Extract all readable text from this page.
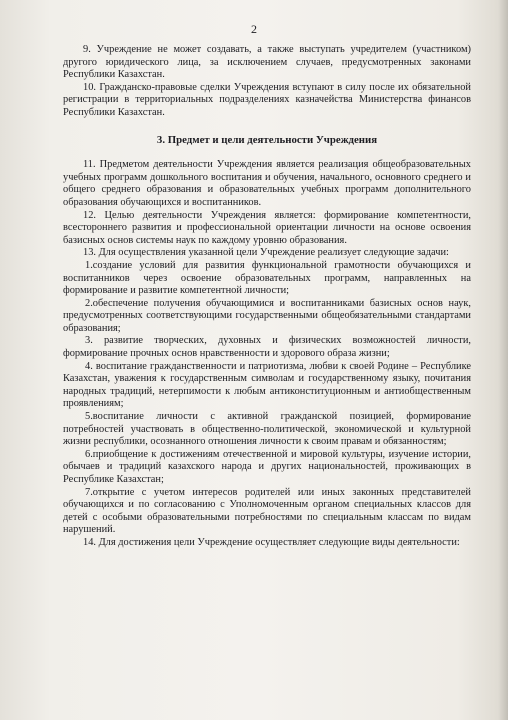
2

9. Учреждение не может создавать, а также выступать учредителем (участником) другого юридического лица, за исключением случаев, предусмотренных законами Республики Казахстан.

10. Гражданско-правовые сделки Учреждения вступают в силу после их обязательной регистрации в территориальных подразделениях казначейства Министерства финансов Республики Казахстан.

3. Предмет и цели деятельности Учреждения

11. Предметом деятельности Учреждения является реализация общеобразовательных учебных программ дошкольного воспитания и обучения, начального, основного среднего и общего среднего образования и образовательных учебных программ дополнительного образования обучающихся и воспитанников.

12. Целью деятельности Учреждения является: формирование компетентности, всестороннего развития и профессиональной ориентации личности на основе освоения базисных основ системы наук по каждому уровню образования.

13. Для осуществления указанной цели Учреждение реализует следующие задачи:

1.создание условий для развития функциональной грамотности обучающихся и воспитанников через освоение образовательных программ, направленных на формирование и развитие компетентной личности;

2.обеспечение получения обучающимися и воспитанниками базисных основ наук, предусмотренных соответствующими государственными общеобязательными стандартами образования;

3. развитие творческих, духовных и физических возможностей личности, формирование прочных основ нравственности и здорового образа жизни;

4. воспитание гражданственности и патриотизма, любви к своей Родине – Республике Казахстан, уважения к государственным символам и государственному языку, почитания народных традиций, нетерпимости к любым антиконституционным и антиобщественным проявлениям;

5.воспитание личности с активной гражданской позицией, формирование потребностей участвовать в общественно-политической, экономической и культурной жизни республики, осознанного отношения личности к своим правам и обязанностям;

6.приобщение к достижениям отечественной и мировой культуры, изучение истории, обычаев и традиций казахского народа и других национальностей, проживающих в Республике Казахстан;

7.открытие с учетом интересов родителей или иных законных представителей обучающихся и по согласованию с Уполномоченным органом специальных классов для детей с особыми образовательными потребностями по специальным классам по видам нарушений.

14. Для достижения цели Учреждение осуществляет следующие виды деятельности:
